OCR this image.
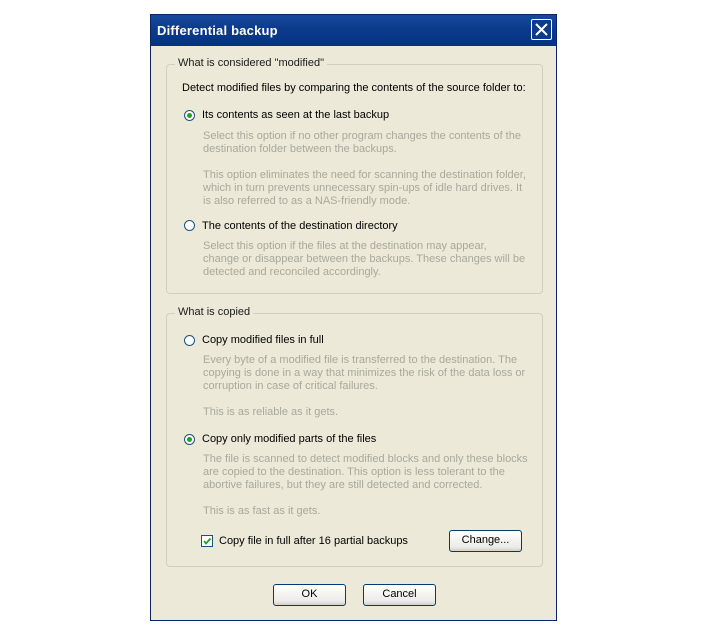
Differential backup
What is considered "modified"
Detect modified files by comparing the contents of the source folder to:
Its contents as seen at the last backup
Select this option if no other program changes the contents of the
destination folder between the backups.
This option eliminates the need for scanning the destination folder,
which in turn prevents unnecessary spin-ups of idle hard drives. It
is also referred to as a NAS-friendly mode.
The contents of the destination directory
Select this option if the files at the destination may appear,
change or disappear between the backups. These changes will be
detected and reconciled accordingly.
What is copied
Copy modified files in full
Every byte of a modified file is transferred to the destination. The
copying is done in a way that minimizes the risk of the data loss or
corruption in case of critical failures.
This is as reliable as it gets.
Copy only modified parts of the files
The file is scanned to detect modified blocks and only these blocks
are copied to the destination. This option is less tolerant to the
abortive failures, but they are still detected and corrected.
This is as fast as it gets.
Copy file in full after 16 partial backups	Change...
OK	Cancel
